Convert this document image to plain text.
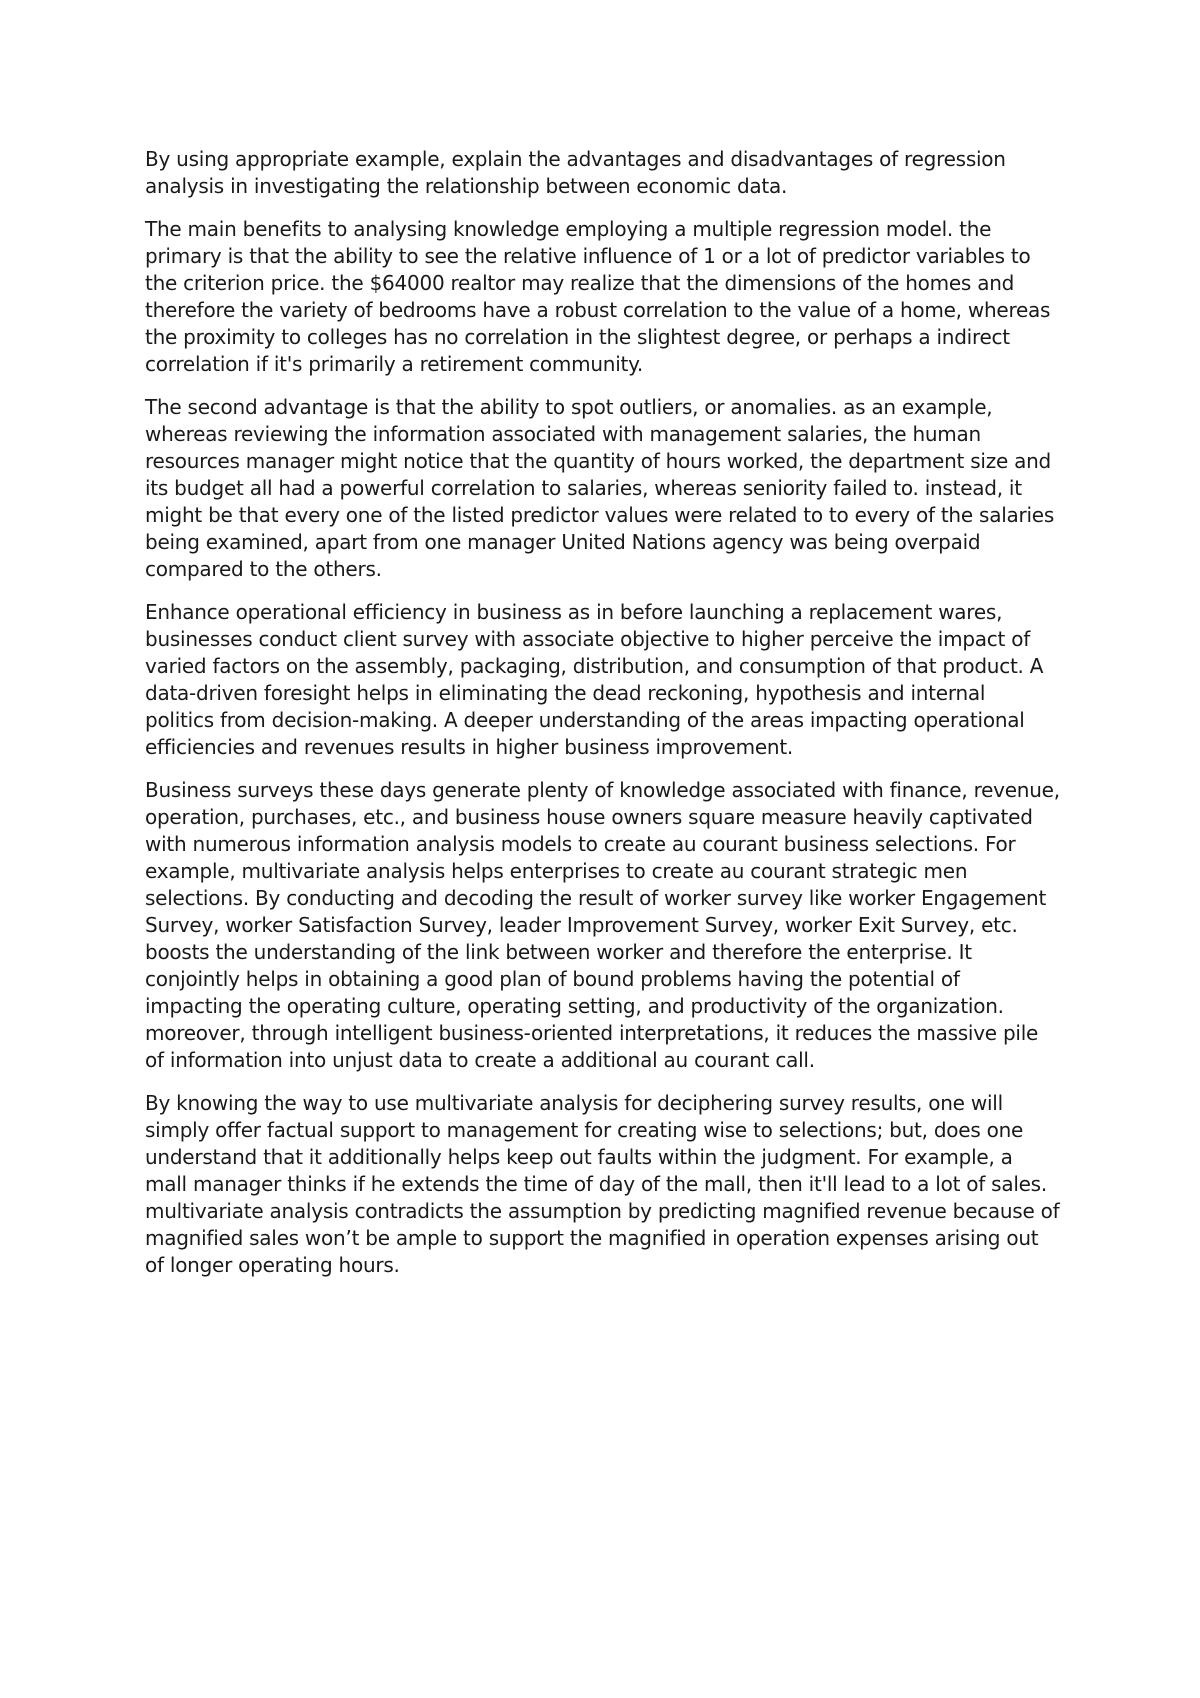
By using appropriate example, explain the advantages and disadvantages of regression
analysis in investigating the relationship between economic data.

The main benefits to analysing knowledge employing a multiple regression model. the
primary is that the ability to see the relative influence of 1 or a lot of predictor variables to
the criterion price. the $64000 realtor may realize that the dimensions of the homes and
therefore the variety of bedrooms have a robust correlation to the value of a home, whereas
the proximity to colleges has no correlation in the slightest degree, or perhaps a indirect
correlation if it's primarily a retirement community.

The second advantage is that the ability to spot outliers, or anomalies. as an example,
whereas reviewing the information associated with management salaries, the human
resources manager might notice that the quantity of hours worked, the department size and
its budget all had a powerful correlation to salaries, whereas seniority failed to. instead, it
might be that every one of the listed predictor values were related to to every of the salaries
being examined, apart from one manager United Nations agency was being overpaid
compared to the others.

Enhance operational efficiency in business as in before launching a replacement wares,
businesses conduct client survey with associate objective to higher perceive the impact of
varied factors on the assembly, packaging, distribution, and consumption of that product. A
data-driven foresight helps in eliminating the dead reckoning, hypothesis and internal
politics from decision-making. A deeper understanding of the areas impacting operational
efficiencies and revenues results in higher business improvement.

Business surveys these days generate plenty of knowledge associated with finance, revenue,
operation, purchases, etc., and business house owners square measure heavily captivated
with numerous information analysis models to create au courant business selections. For
example, multivariate analysis helps enterprises to create au courant strategic men
selections. By conducting and decoding the result of worker survey like worker Engagement
Survey, worker Satisfaction Survey, leader Improvement Survey, worker Exit Survey, etc.
boosts the understanding of the link between worker and therefore the enterprise. It
conjointly helps in obtaining a good plan of bound problems having the potential of
impacting the operating culture, operating setting, and productivity of the organization.
moreover, through intelligent business-oriented interpretations, it reduces the massive pile
of information into unjust data to create a additional au courant call.

By knowing the way to use multivariate analysis for deciphering survey results, one will
simply offer factual support to management for creating wise to selections; but, does one
understand that it additionally helps keep out faults within the judgment. For example, a
mall manager thinks if he extends the time of day of the mall, then it'll lead to a lot of sales.
multivariate analysis contradicts the assumption by predicting magnified revenue because of
magnified sales won’t be ample to support the magnified in operation expenses arising out
of longer operating hours.
